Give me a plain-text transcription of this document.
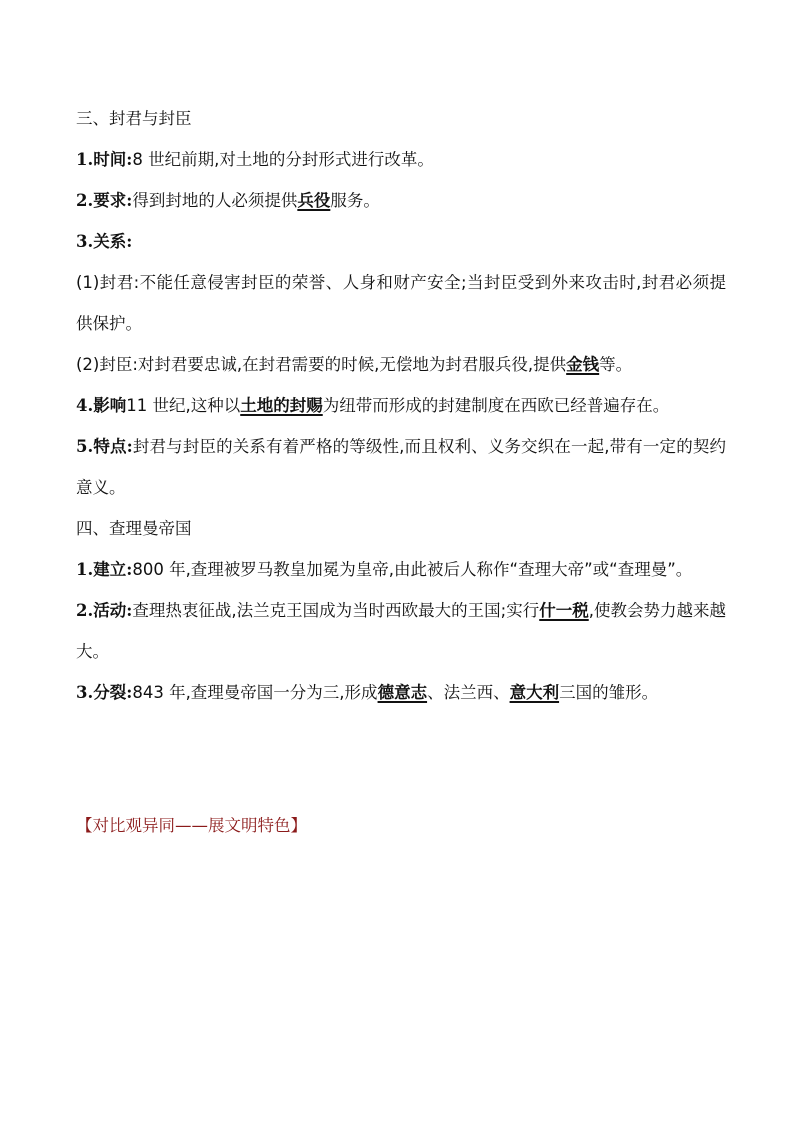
三、封君与封臣

1.时间:8 世纪前期,对土地的分封形式进行改革。

2.要求:得到封地的人必须提供兵役服务。

3.关系:

(1)封君:不能任意侵害封臣的荣誉、人身和财产安全;当封臣受到外来攻击时,封君必须提供保护。

(2)封臣:对封君要忠诚,在封君需要的时候,无偿地为封君服兵役,提供金钱等。

4.影响11 世纪,这种以土地的封赐为纽带而形成的封建制度在西欧已经普遍存在。

5.特点:封君与封臣的关系有着严格的等级性,而且权利、义务交织在一起,带有一定的契约意义。

四、查理曼帝国

1.建立:800 年,查理被罗马教皇加冕为皇帝,由此被后人称作“查理大帝”或“查理曼”。

2.活动:查理热衷征战,法兰克王国成为当时西欧最大的王国;实行什一税,使教会势力越来越大。

3.分裂:843 年,查理曼帝国一分为三,形成德意志、法兰西、意大利三国的雏形。

【对比观异同——展文明特色】
